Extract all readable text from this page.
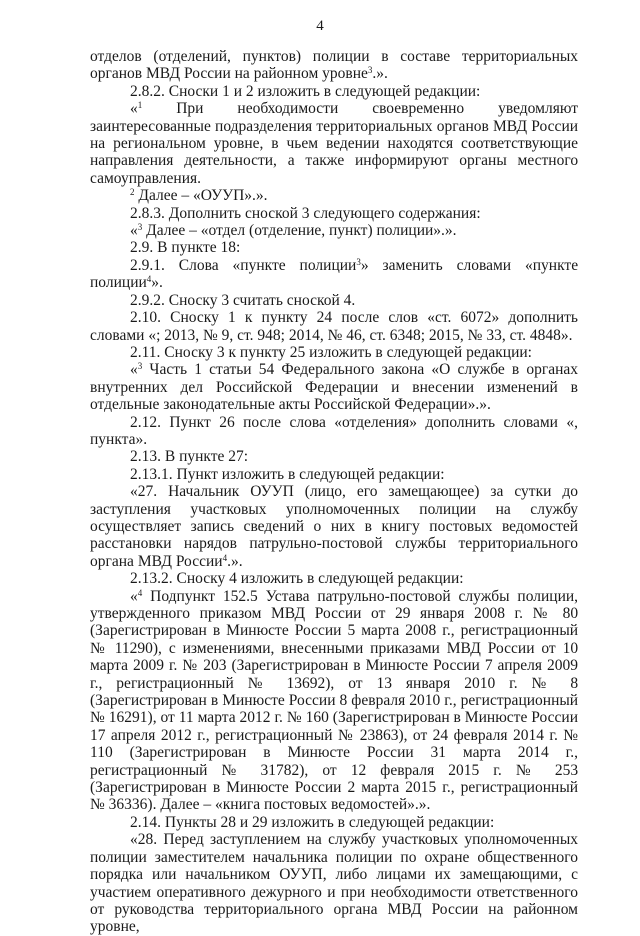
4

отделов (отделений, пунктов) полиции в составе территориальных органов МВД России на районном уровне$^3$.».

2.8.2. Сноски 1 и 2 изложить в следующей редакции:

«$^1$ При необходимости своевременно уведомляют заинтересованные подразделения территориальных органов МВД России на региональном уровне, в чьем ведении находятся соответствующие направления деятельности, а также информируют органы местного самоуправления.

$^2$ Далее – «ОУУП».».

2.8.3. Дополнить сноской 3 следующего содержания:

«$^3$ Далее – «отдел (отделение, пункт) полиции».».

2.9. В пункте 18:

2.9.1. Слова «пункте полиции$^3$» заменить словами «пункте полиции$^4$».

2.9.2. Сноску 3 считать сноской 4.

2.10. Сноску 1 к пункту 24 после слов «ст. 6072» дополнить словами «; 2013, № 9, ст. 948; 2014, № 46, ст. 6348; 2015, № 33, ст. 4848».

2.11. Сноску 3 к пункту 25 изложить в следующей редакции:

«$^3$ Часть 1 статьи 54 Федерального закона «О службе в органах внутренних дел Российской Федерации и внесении изменений в отдельные законодательные акты Российской Федерации».».

2.12. Пункт 26 после слова «отделения» дополнить словами «, пункта».

2.13. В пункте 27:

2.13.1. Пункт изложить в следующей редакции:

«27. Начальник ОУУП (лицо, его замещающее) за сутки до заступления участковых уполномоченных полиции на службу осуществляет запись сведений о них в книгу постовых ведомостей расстановки нарядов патрульно-постовой службы территориального органа МВД России$^4$.».

2.13.2. Сноску 4 изложить в следующей редакции:

«$^4$ Подпункт 152.5 Устава патрульно-постовой службы полиции, утвержденного приказом МВД России от 29 января 2008 г. № 80 (Зарегистрирован в Минюсте России 5 марта 2008 г., регистрационный № 11290), с изменениями, внесенными приказами МВД России от 10 марта 2009 г. № 203 (Зарегистрирован в Минюсте России 7 апреля 2009 г., регистрационный № 13692), от 13 января 2010 г. № 8 (Зарегистрирован в Минюсте России 8 февраля 2010 г., регистрационный № 16291), от 11 марта 2012 г. № 160 (Зарегистрирован в Минюсте России 17 апреля 2012 г., регистрационный № 23863), от 24 февраля 2014 г. № 110 (Зарегистрирован в Минюсте России 31 марта 2014 г., регистрационный № 31782), от 12 февраля 2015 г. № 253 (Зарегистрирован в Минюсте России 2 марта 2015 г., регистрационный № 36336). Далее – «книга постовых ведомостей».».

2.14. Пункты 28 и 29 изложить в следующей редакции:

«28. Перед заступлением на службу участковых уполномоченных полиции заместителем начальника полиции по охране общественного порядка или начальником ОУУП, либо лицами их замещающими, с участием оперативного дежурного и при необходимости ответственного от руководства территориального органа МВД России на районном уровне,
